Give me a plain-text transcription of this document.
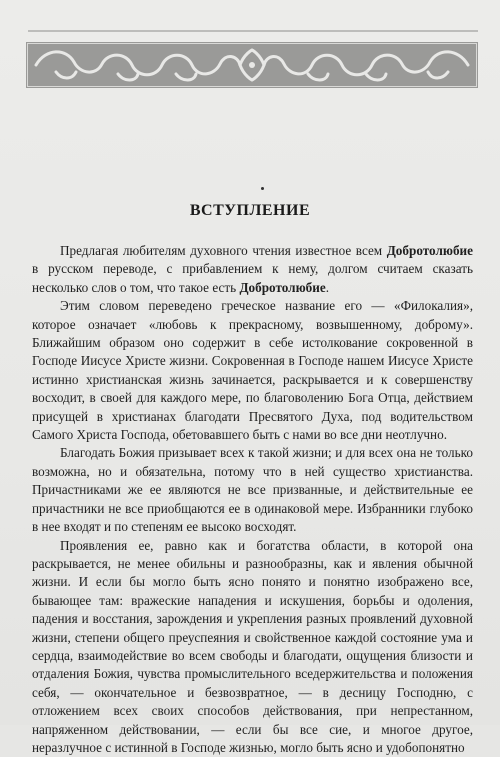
ВСТУПЛЕНИЕ

Предлагая любителям духовного чтения известное всем Добротолюбие в русском переводе, с прибавлением к нему, долгом считаем сказать несколько слов о том, что такое есть Добротолюбие.

Этим словом переведено греческое название его — «Филокалия», которое означает «любовь к прекрасному, возвышенному, доброму». Ближайшим образом оно содержит в себе истолкование сокровенной в Господе Иисусе Христе жизни. Сокровенная в Господе нашем Иисусе Христе истинно христианская жизнь зачинается, раскрывается и к совершенству восходит, в своей для каждого мере, по благоволению Бога Отца, действием присущей в христианах благодати Пресвятого Духа, под водительством Самого Христа Господа, обетовавшего быть с нами во все дни неотлучно.

Благодать Божия призывает всех к такой жизни; и для всех она не только возможна, но и обязательна, потому что в ней существо христианства. Причастниками же ее являются не все призванные, и действительные ее причастники не все приобщаются ее в одинаковой мере. Избранники глубоко в нее входят и по степеням ее высоко восходят.

Проявления ее, равно как и богатства области, в которой она раскрывается, не менее обильны и разнообразны, как и явления обычной жизни. И если бы могло быть ясно понято и понятно изображено все, бывающее там: вражеские нападения и искушения, борьбы и одоления, падения и восстания, зарождения и укрепления разных проявлений духовной жизни, степени общего преуспеяния и свойственное каждой состояние ума и сердца, взаимодействие во всем свободы и благодати, ощущения близости и отдаления Божия, чувства промыслительного вседержительства и положения себя, — окончательное и безвозвратное, — в десницу Господню, с отложением всех своих способов действования, при непрестанном, напряженном действовании, — если бы все сие, и многое другое, неразлучное с истинной в Господе жизнью, могло быть ясно и удобопонятно
